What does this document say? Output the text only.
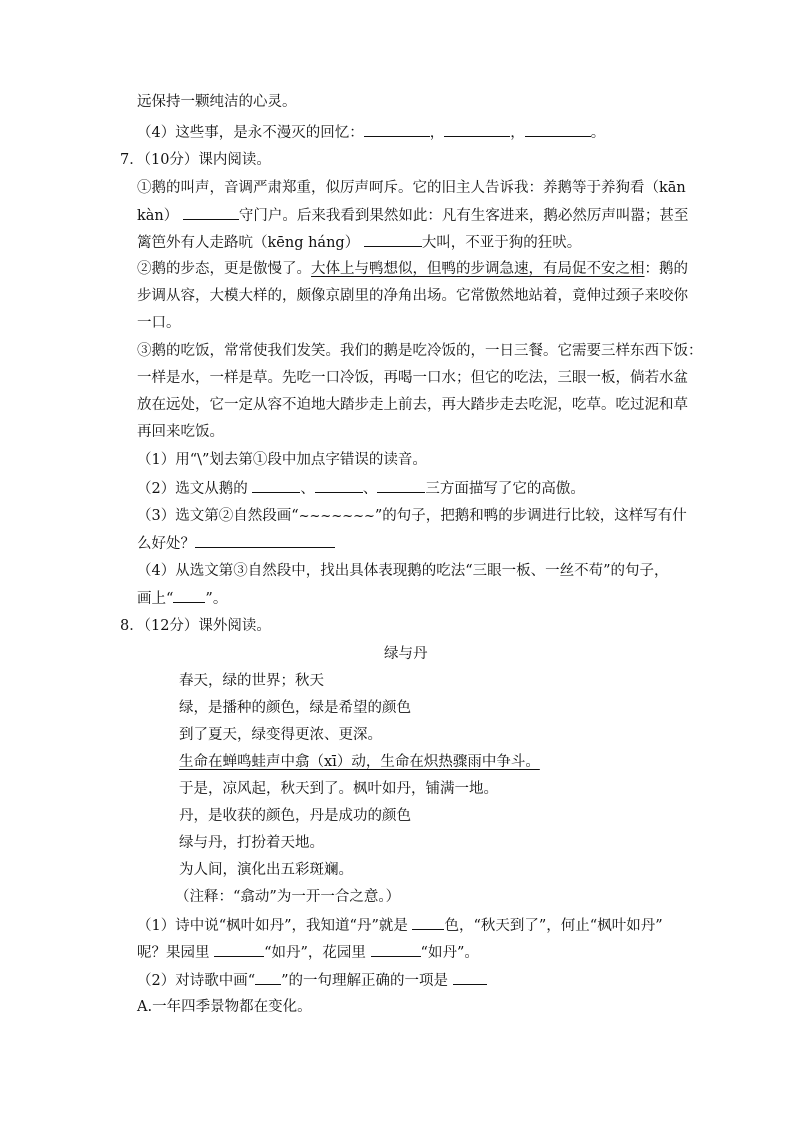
远保持一颗纯洁的心灵。
（4）这些事，是永不漫灭的回忆：	，	，	。
7．（10分）课内阅读。
①鹅的叫声，音调严肃郑重，似厉声呵斥。它的旧主人告诉我：养鹅等于养狗看（kān
kàn）	守门户。后来我看到果然如此：凡有生客进来，鹅必然厉声叫嚣；甚至
篱笆外有人走路吭（kēng háng）	大叫，不亚于狗的狂吠。
②鹅的步态，更是傲慢了。大体上与鸭想似，但鸭的步调急速，有局促不安之相：鹅的
步调从容，大模大样的，颇像京剧里的净角出场。它常傲然地站着，竟伸过颈子来咬你
一口。
③鹅的吃饭，常常使我们发笑。我们的鹅是吃冷饭的，一日三餐。它需要三样东西下饭：
一样是水，一样是草。先吃一口冷饭，再喝一口水；但它的吃法，三眼一板，倘若水盆
放在远处，它一定从容不迫地大踏步走上前去，再大踏步走去吃泥，吃草。吃过泥和草
再回来吃饭。
（1）用“\”划去第①段中加点字错误的读音。
（2）选文从鹅的	、	、	三方面描写了它的高傲。
（3）选文第②自然段画“~~~~~~~”的句子，把鹅和鸭的步调进行比较，这样写有什
么好处？
（4）从选文第③自然段中，找出具体表现鹅的吃法“三眼一板、一丝不苟”的句子，
画上“ ”。
8．（12分）课外阅读。
绿与丹
春天，绿的世界；秋天
绿，是播种的颜色，绿是希望的颜色
到了夏天，绿变得更浓、更深。
生命在蝉鸣蛙声中翕（xī）动，生命在炽热骤雨中争斗。
于是，凉风起，秋天到了。枫叶如丹，铺满一地。
丹，是收获的颜色，丹是成功的颜色
绿与丹，打扮着天地。
为人间，演化出五彩斑斓。
（注释：“翕动”为一开一合之意。）
（1）诗中说“枫叶如丹”，我知道“丹”就是 色，“秋天到了”，何止“枫叶如丹”
呢？果园里	“如丹”，花园里	“如丹”。
（2）对诗歌中画“ ”的一句理解正确的一项是
A.一年四季景物都在变化。
